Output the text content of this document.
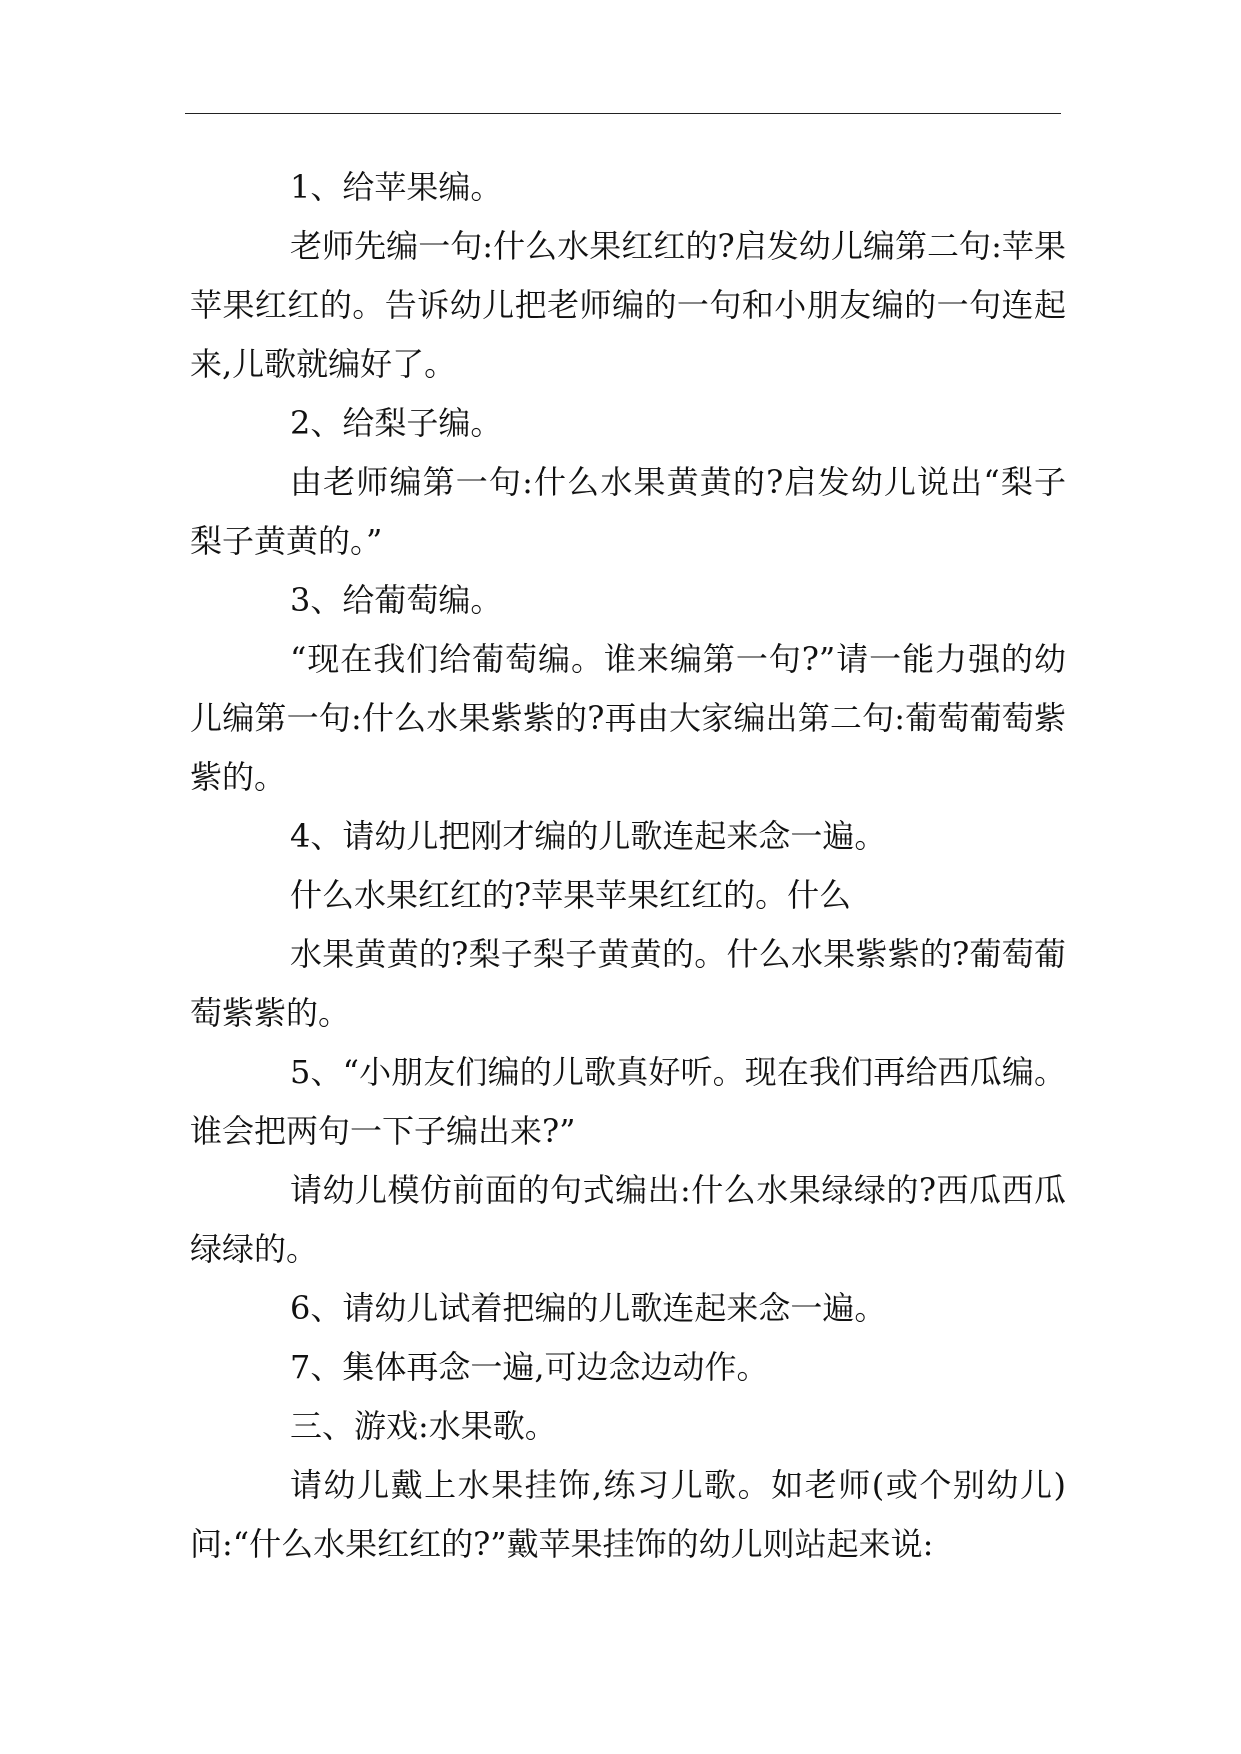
1、给苹果编。

老师先编一句:什么水果红红的?启发幼儿编第二句:苹果苹果红红的。告诉幼儿把老师编的一句和小朋友编的一句连起来,儿歌就编好了。

2、给梨子编。

由老师编第一句:什么水果黄黄的?启发幼儿说出“梨子梨子黄黄的。”

3、给葡萄编。

“现在我们给葡萄编。谁来编第一句?”请一能力强的幼儿编第一句:什么水果紫紫的?再由大家编出第二句:葡萄葡萄紫紫的。

4、请幼儿把刚才编的儿歌连起来念一遍。

什么水果红红的?苹果苹果红红的。什么

水果黄黄的?梨子梨子黄黄的。什么水果紫紫的?葡萄葡萄紫紫的。

5、“小朋友们编的儿歌真好听。现在我们再给西瓜编。谁会把两句一下子编出来?”

请幼儿模仿前面的句式编出:什么水果绿绿的?西瓜西瓜绿绿的。

6、请幼儿试着把编的儿歌连起来念一遍。

7、集体再念一遍,可边念边动作。

三、游戏:水果歌。

请幼儿戴上水果挂饰,练习儿歌。如老师(或个别幼儿)问:“什么水果红红的?”戴苹果挂饰的幼儿则站起来说:
